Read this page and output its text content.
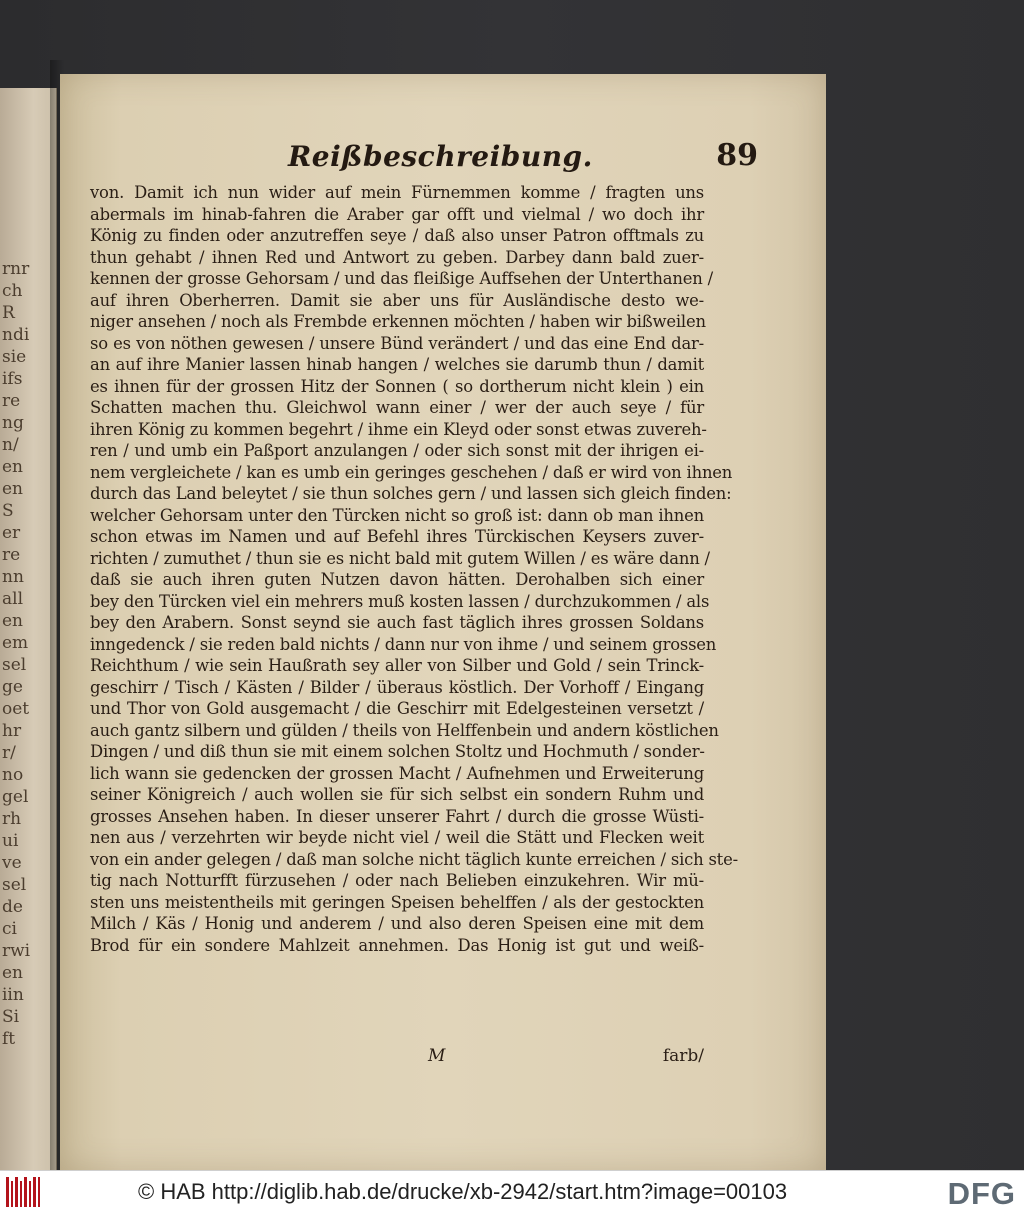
rnr
ch
R
ndi
sie
ifs
re
ng
n/
en
en
S
er
re
nn
all
en
em
sel
ge
oet
hr
r/
no
gel
rh
ui
ve
sel
de
ci
rwi
en
iin
Si
ft
Reißbeschreibung.	89
von. Damit ich nun wider auf mein Fürnemmen komme / fragten uns
abermals im hinab-fahren die Araber gar offt und vielmal / wo doch ihr
König zu finden oder anzutreffen seye / daß also unser Patron offtmals zu
thun gehabt / ihnen Red und Antwort zu geben. Darbey dann bald zuer-
kennen der grosse Gehorsam / und das fleißige Auffsehen der Unterthanen /
auf ihren Oberherren. Damit sie aber uns für Ausländische desto we-
niger ansehen / noch als Frembde erkennen möchten / haben wir bißweilen
so es von nöthen gewesen / unsere Bünd verändert / und das eine End dar-
an auf ihre Manier lassen hinab hangen / welches sie darumb thun / damit
es ihnen für der grossen Hitz der Sonnen ( so dortherum nicht klein ) ein
Schatten machen thu. Gleichwol wann einer / wer der auch seye / für
ihren König zu kommen begehrt / ihme ein Kleyd oder sonst etwas zuvereh-
ren / und umb ein Paßport anzulangen / oder sich sonst mit der ihrigen ei-
nem vergleichete / kan es umb ein geringes geschehen / daß er wird von ihnen
durch das Land beleytet / sie thun solches gern / und lassen sich gleich finden:
welcher Gehorsam unter den Türcken nicht so groß ist: dann ob man ihnen
schon etwas im Namen und auf Befehl ihres Türckischen Keysers zuver-
richten / zumuthet / thun sie es nicht bald mit gutem Willen / es wäre dann /
daß sie auch ihren guten Nutzen davon hätten. Derohalben sich einer
bey den Türcken viel ein mehrers muß kosten lassen / durchzukommen / als
bey den Arabern. Sonst seynd sie auch fast täglich ihres grossen Soldans
inngedenck / sie reden bald nichts / dann nur von ihme / und seinem grossen
Reichthum / wie sein Haußrath sey aller von Silber und Gold / sein Trinck-
geschirr / Tisch / Kästen / Bilder / überaus köstlich. Der Vorhoff / Eingang
und Thor von Gold ausgemacht / die Geschirr mit Edelgesteinen versetzt /
auch gantz silbern und gülden / theils von Helffenbein und andern köstlichen
Dingen / und diß thun sie mit einem solchen Stoltz und Hochmuth / sonder-
lich wann sie gedencken der grossen Macht / Aufnehmen und Erweiterung
seiner Königreich / auch wollen sie für sich selbst ein sondern Ruhm und
grosses Ansehen haben. In dieser unserer Fahrt / durch die grosse Wüsti-
nen aus / verzehrten wir beyde nicht viel / weil die Stätt und Flecken weit
von ein ander gelegen / daß man solche nicht täglich kunte erreichen / sich ste-
tig nach Notturfft fürzusehen / oder nach Belieben einzukehren. Wir mü-
sten uns meistentheils mit geringen Speisen behelffen / als der gestockten
Milch / Käs / Honig und anderem / und also deren Speisen eine mit dem
Brod für ein sondere Mahlzeit annehmen. Das Honig ist gut und weiß-
M	farb/
© HAB http://diglib.hab.de/drucke/xb-2942/start.htm?image=00103	DFG
